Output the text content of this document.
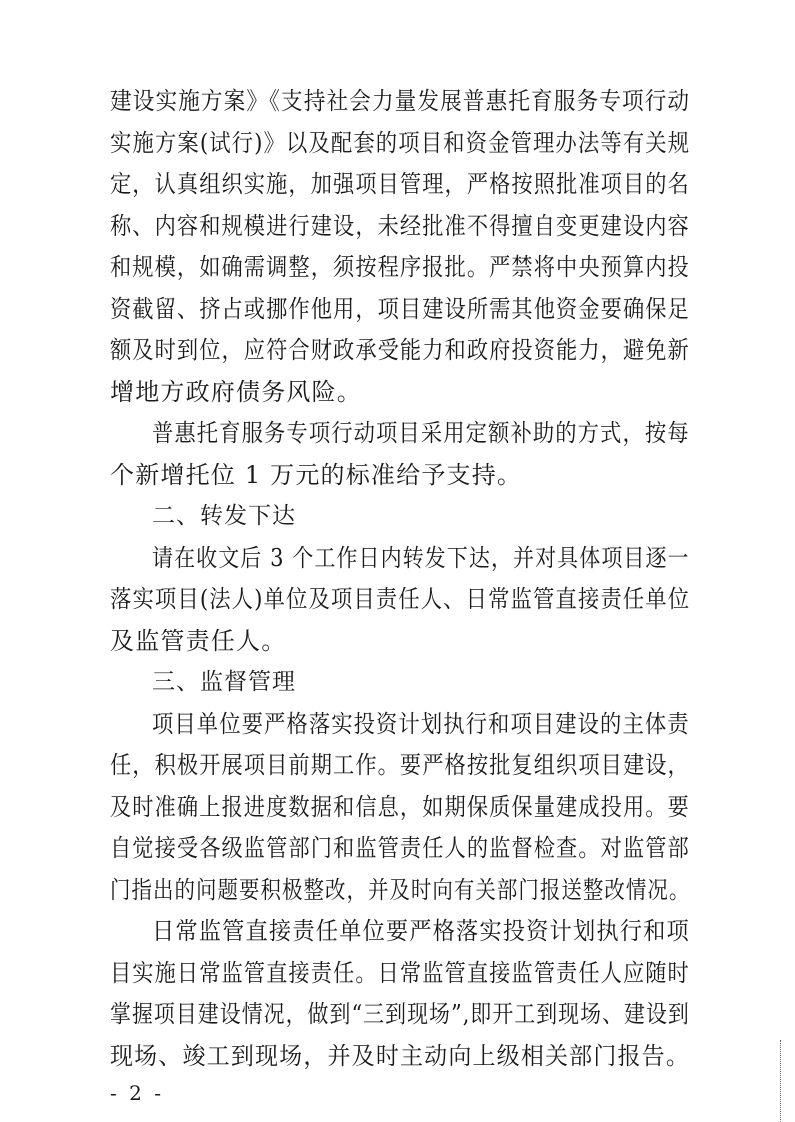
建设实施方案》《支持社会力量发展普惠托育服务专项行动
实施方案(试行)》以及配套的项目和资金管理办法等有关规
定，认真组织实施，加强项目管理，严格按照批准项目的名
称、内容和规模进行建设，未经批准不得擅自变更建设内容
和规模，如确需调整，须按程序报批。严禁将中央预算内投
资截留、挤占或挪作他用，项目建设所需其他资金要确保足
额及时到位，应符合财政承受能力和政府投资能力，避免新
增地方政府债务风险。
普惠托育服务专项行动项目采用定额补助的方式，按每
个新增托位 1 万元的标准给予支持。
二、转发下达
请在收文后 3 个工作日内转发下达，并对具体项目逐一
落实项目(法人)单位及项目责任人、日常监管直接责任单位
及监管责任人。
三、监督管理
项目单位要严格落实投资计划执行和项目建设的主体责
任，积极开展项目前期工作。要严格按批复组织项目建设，
及时准确上报进度数据和信息，如期保质保量建成投用。要
自觉接受各级监管部门和监管责任人的监督检查。对监管部
门指出的问题要积极整改，并及时向有关部门报送整改情况。
日常监管直接责任单位要严格落实投资计划执行和项
目实施日常监管直接责任。日常监管直接监管责任人应随时
掌握项目建设情况，做到“三到现场”,即开工到现场、建设到
现场、竣工到现场，并及时主动向上级相关部门报告。
- 2 -
